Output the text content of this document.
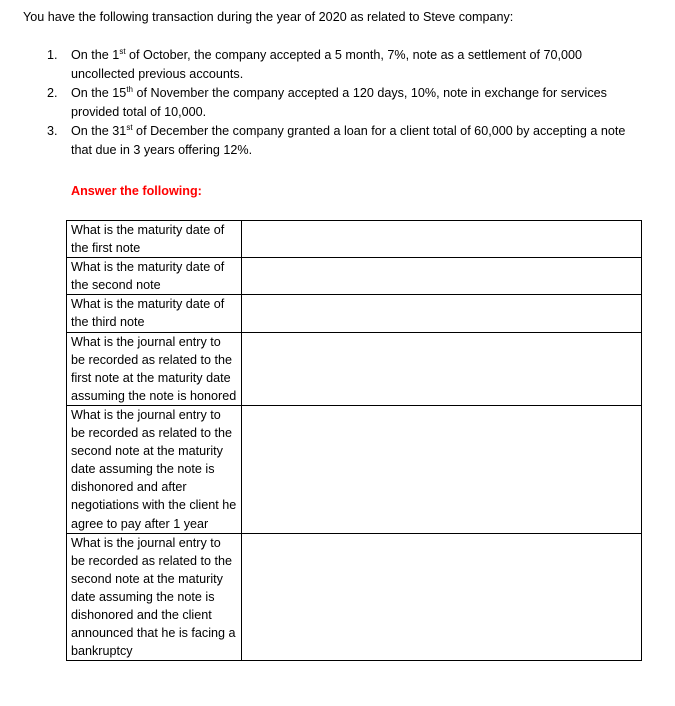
You have the following transaction during the year of 2020 as related to Steve company:
1. On the 1st of October, the company accepted a 5 month, 7%, note as a settlement of 70,000 uncollected previous accounts.
2. On the 15th of November the company accepted a 120 days, 10%, note in exchange for services provided total of 10,000.
3. On the 31st of December the company granted a loan for a client total of 60,000 by accepting a note that due in 3 years offering 12%.
Answer the following:
What is the maturity date of the first note	
What is the maturity date of the second note	
What is the maturity date of the third note	
What is the journal entry to be recorded as related to the first note at the maturity date assuming the note is honored	
What is the journal entry to be recorded as related to the second note at the maturity date assuming the note is dishonored and after negotiations with the client he agree to pay after 1 year	
What is the journal entry to be recorded as related to the second note at the maturity date assuming the note is dishonored and the client announced that he is facing a bankruptcy	
